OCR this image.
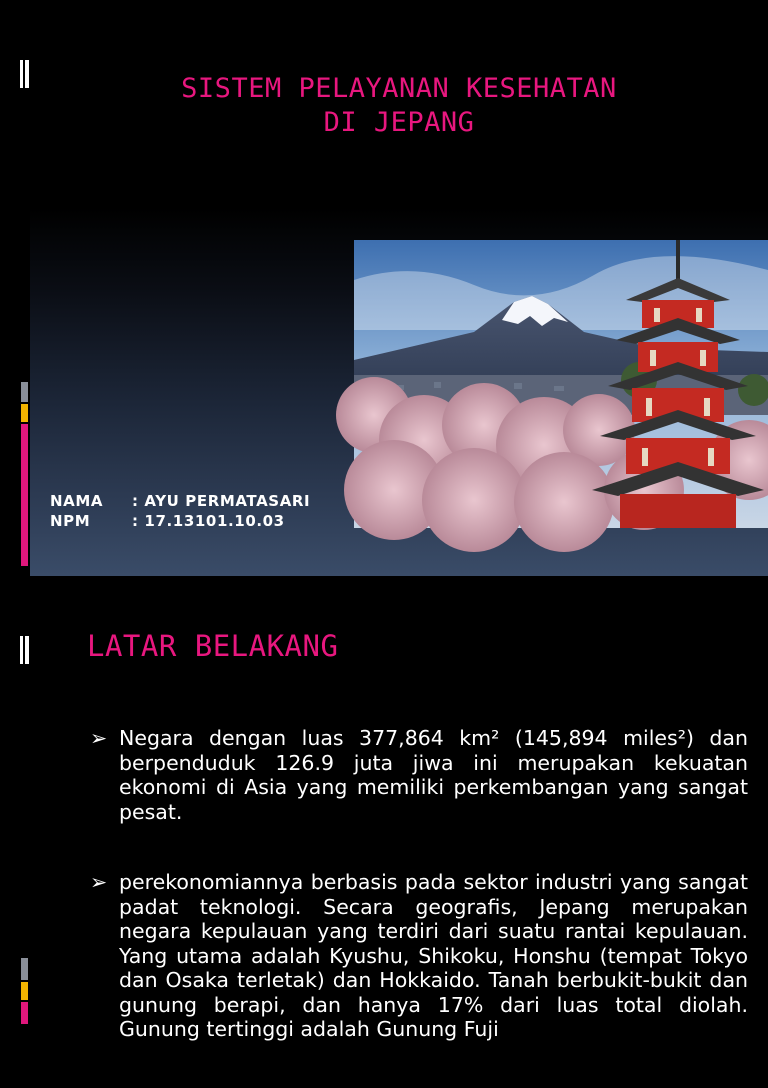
SISTEM PELAYANAN KESEHATAN
DI JEPANG
NAMA	: AYU PERMATASARI
NPM	: 17.13101.10.03
LATAR BELAKANG
➢ Negara dengan luas 377,864 km² (145,894 miles²) dan berpenduduk 126.9 juta jiwa ini merupakan kekuatan ekonomi di Asia yang memiliki perkembangan yang sangat pesat.
➢ perekonomiannya berbasis pada sektor industri yang sangat padat teknologi. Secara geografis, Jepang merupakan negara kepulauan yang terdiri dari suatu rantai kepulauan. Yang utama adalah Kyushu, Shikoku, Honshu (tempat Tokyo dan Osaka terletak) dan Hokkaido. Tanah berbukit-bukit dan gunung berapi, dan hanya 17% dari luas total diolah. Gunung tertinggi adalah Gunung Fuji
